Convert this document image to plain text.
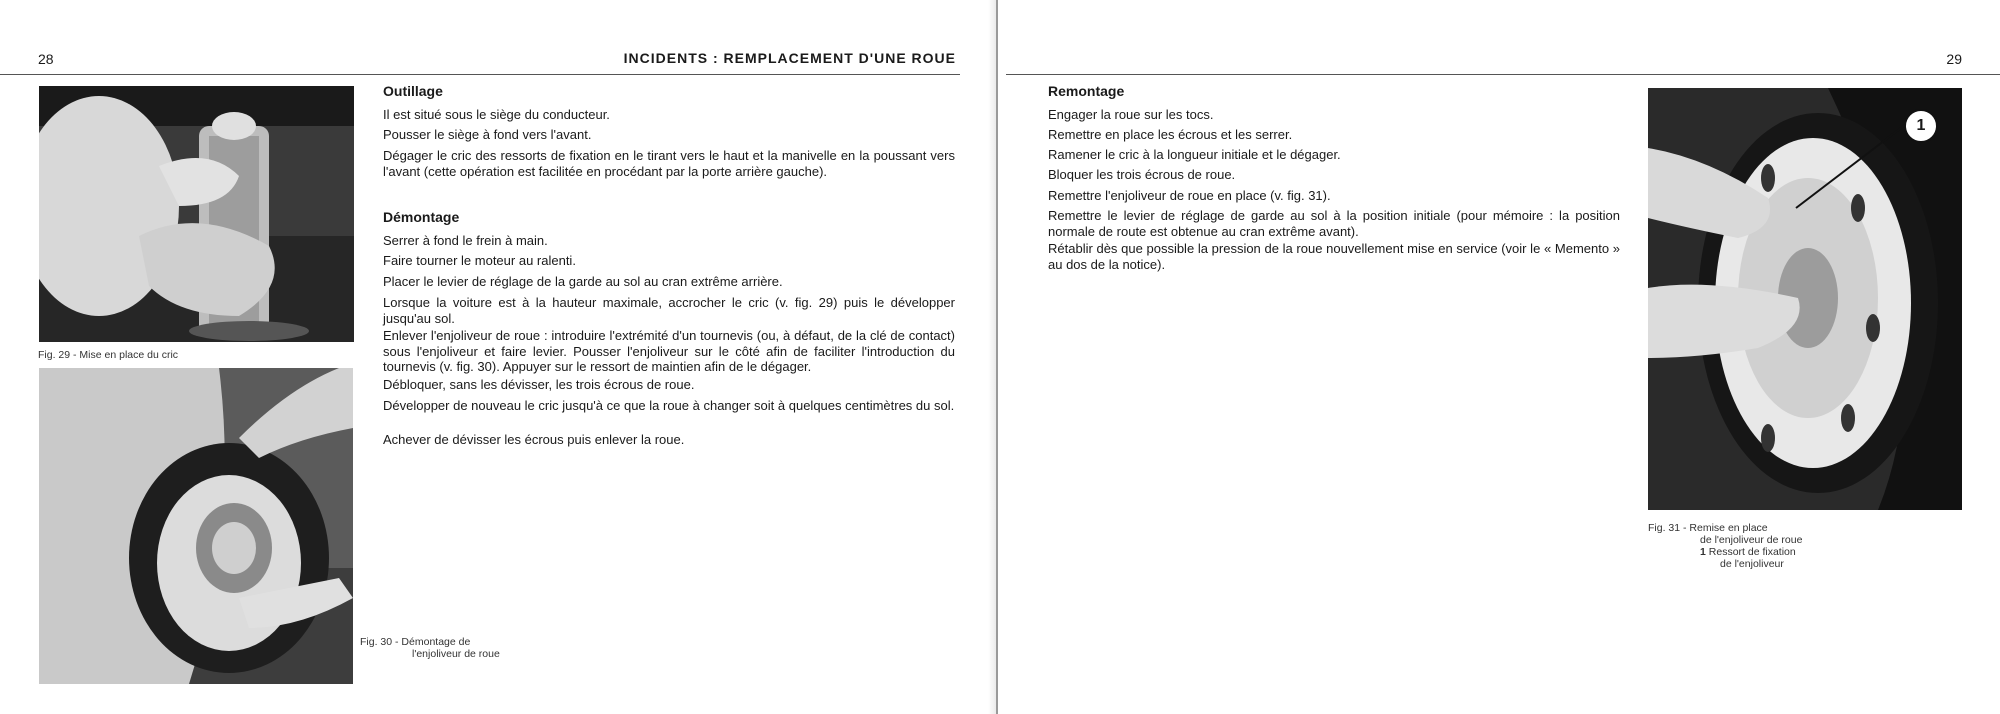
28	INCIDENTS : REMPLACEMENT D'UNE ROUE
Fig. 29 - Mise en place du cric
Fig. 30 - Démontage de
l'enjoliveur de roue
Outillage

Il est situé sous le siège du conducteur.

Pousser le siège à fond vers l'avant.

Dégager le cric des ressorts de fixation en le tirant vers le haut et la manivelle en la poussant vers l'avant (cette opération est facilitée en procédant par la porte arrière gauche).

Démontage

Serrer à fond le frein à main.

Faire tourner le moteur au ralenti.

Placer le levier de réglage de la garde au sol au cran extrême arrière.

Lorsque la voiture est à la hauteur maximale, accrocher le cric (v. fig. 29) puis le développer jusqu'au sol.

Enlever l'enjoliveur de roue : introduire l'extrémité d'un tournevis (ou, à défaut, de la clé de contact) sous l'enjoliveur et faire levier. Pousser l'enjoliveur sur le côté afin de faciliter l'introduction du tournevis (v. fig. 30). Appuyer sur le ressort de maintien afin de le dégager.

Débloquer, sans les dévisser, les trois écrous de roue.

Développer de nouveau le cric jusqu'à ce que la roue à changer soit à quelques centimètres du sol.

Achever de dévisser les écrous puis enlever la roue.

29
Remontage

Engager la roue sur les tocs.

Remettre en place les écrous et les serrer.

Ramener le cric à la longueur initiale et le dégager.

Bloquer les trois écrous de roue.

Remettre l'enjoliveur de roue en place (v. fig. 31).

Remettre le levier de réglage de garde au sol à la position initiale (pour mémoire : la position normale de route est obtenue au cran extrême avant).

Rétablir dès que possible la pression de la roue nouvellement mise en service (voir le « Memento » au dos de la notice).

1
Fig. 31 - Remise en place
de l'enjoliveur de roue
1 Ressort de fixation
de l'enjoliveur
